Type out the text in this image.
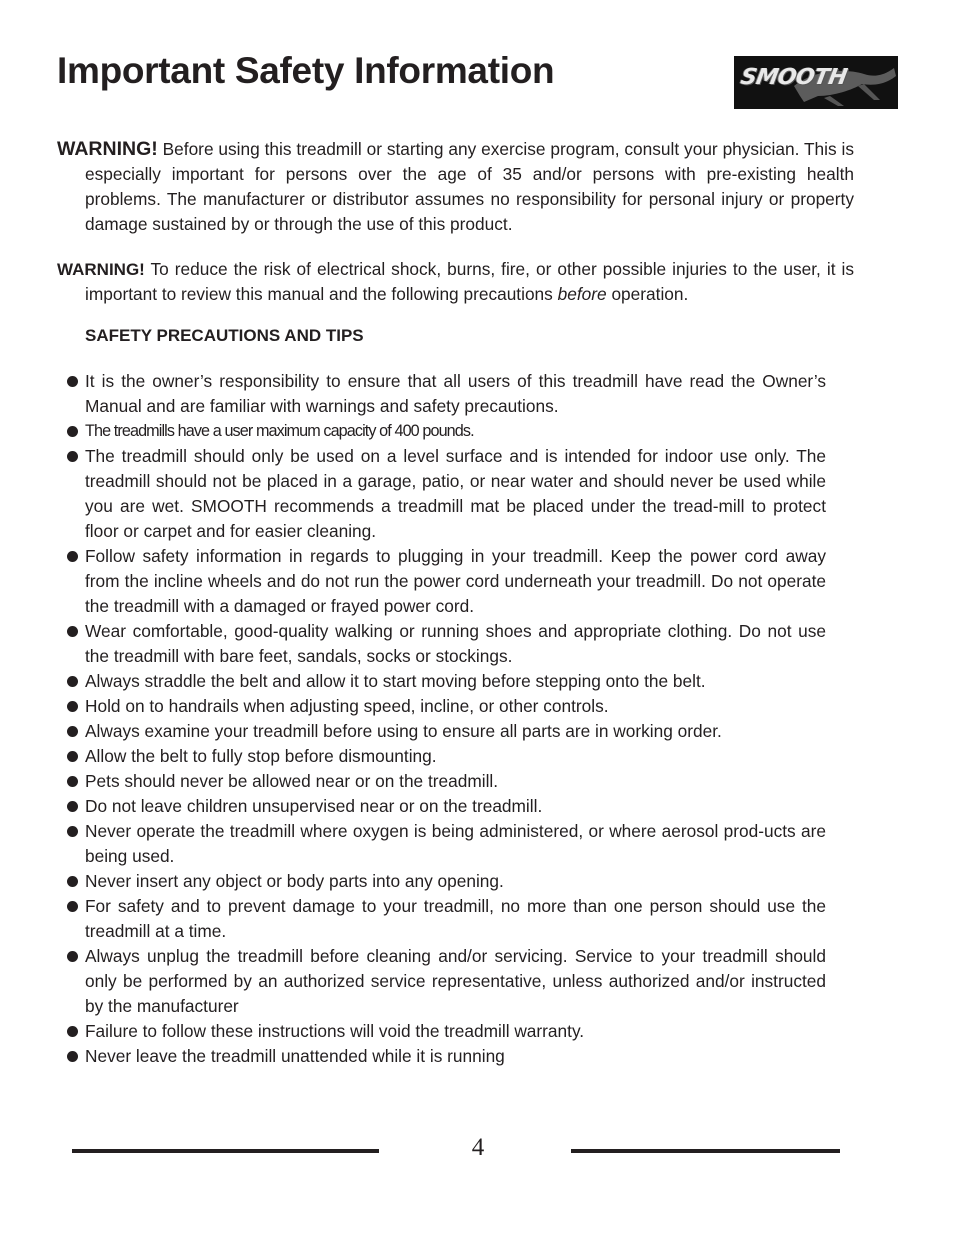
Important Safety Information	SMOOTH

WARNING! Before using this treadmill or starting any exercise program, consult your physician. This is especially important for persons over the age of 35 and/or persons with pre-existing health problems. The manufacturer or distributor assumes no responsibility for personal injury or property damage sustained by or through the use of this product.

WARNING! To reduce the risk of electrical shock, burns, fire, or other possible injuries to the user, it is important to review this manual and the following precautions before operation.

SAFETY PRECAUTIONS AND TIPS
It is the owner’s responsibility to ensure that all users of this treadmill have read the Owner’s Manual and are familiar with warnings and safety precautions.
The treadmills have a user maximum capacity of 400 pounds.
The treadmill should only be used on a level surface and is intended for indoor use only. The treadmill should not be placed in a garage, patio, or near water and should never be used while you are wet. SMOOTH recommends a treadmill mat be placed under the tread-mill to protect floor or carpet and for easier cleaning.
Follow safety information in regards to plugging in your treadmill. Keep the power cord away from the incline wheels and do not run the power cord underneath your treadmill. Do not operate the treadmill with a damaged or frayed power cord.
Wear comfortable, good-quality walking or running shoes and appropriate clothing. Do not use the treadmill with bare feet, sandals, socks or stockings.
Always straddle the belt and allow it to start moving before stepping onto the belt.
Hold on to handrails when adjusting speed, incline, or other controls.
Always examine your treadmill before using to ensure all parts are in working order.
Allow the belt to fully stop before dismounting.
Pets should never be allowed near or on the treadmill.
Do not leave children unsupervised near or on the treadmill.
Never operate the treadmill where oxygen is being administered, or where aerosol prod-ucts are being used.
Never insert any object or body parts into any opening.
For safety and to prevent damage to your treadmill, no more than one person should use the treadmill at a time.
Always unplug the treadmill before cleaning and/or servicing. Service to your treadmill should only be performed by an authorized service representative, unless authorized and/or instructed by the manufacturer
Failure to follow these instructions will void the treadmill warranty.
Never leave the treadmill unattended while it is running
4
